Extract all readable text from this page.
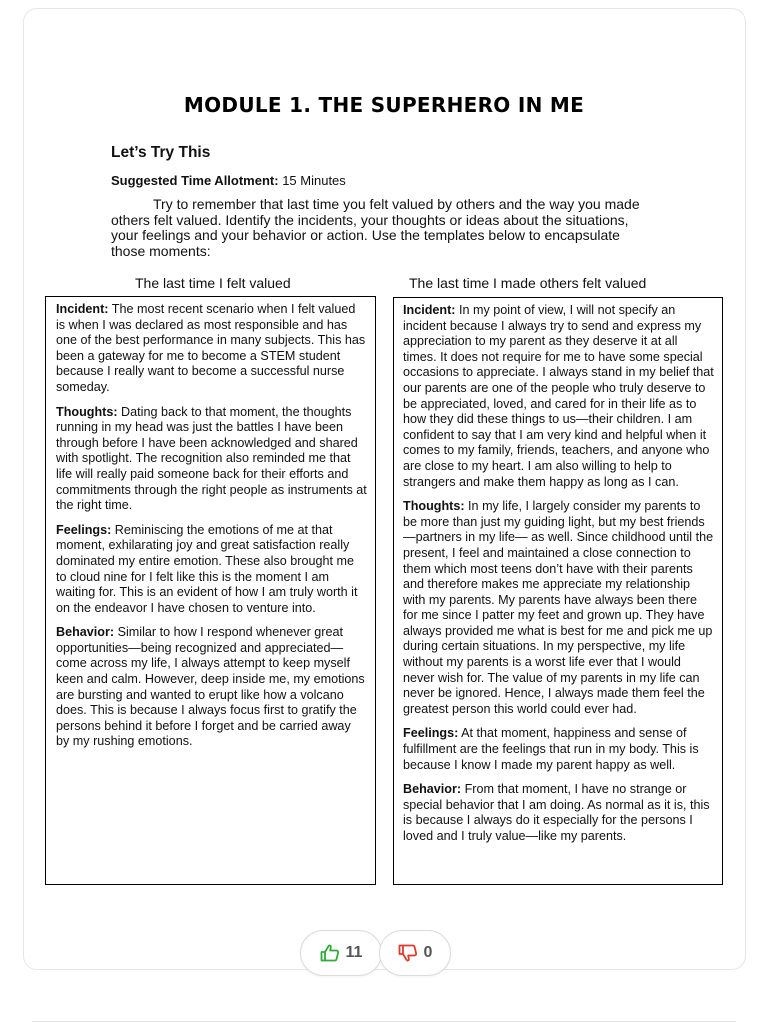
MODULE 1. THE SUPERHERO IN ME
Let’s Try This
Suggested Time Allotment: 15 Minutes
Try to remember that last time you felt valued by others and the way you made others felt valued. Identify the incidents, your thoughts or ideas about the situations, your feelings and your behavior or action. Use the templates below to encapsulate those moments:
The last time I felt valued	The last time I made others felt valued

Incident: The most recent scenario when I felt valued is when I was declared as most responsible and has one of the best performance in many subjects. This has been a gateway for me to become a STEM student because I really want to become a successful nurse someday.

Thoughts: Dating back to that moment, the thoughts running in my head was just the battles I have been through before I have been acknowledged and shared with spotlight. The recognition also reminded me that life will really paid someone back for their efforts and commitments through the right people as instruments at the right time.

Feelings: Reminiscing the emotions of me at that moment, exhilarating joy and great satisfaction really dominated my entire emotion. These also brought me to cloud nine for I felt like this is the moment I am waiting for. This is an evident of how I am truly worth it on the endeavor I have chosen to venture into.

Behavior: Similar to how I respond whenever great opportunities—being recognized and appreciated—come across my life, I always attempt to keep myself keen and calm. However, deep inside me, my emotions are bursting and wanted to erupt like how a volcano does. This is because I always focus first to gratify the persons behind it before I forget and be carried away by my rushing emotions.

Incident: In my point of view, I will not specify an incident because I always try to send and express my appreciation to my parent as they deserve it at all times. It does not require for me to have some special occasions to appreciate. I always stand in my belief that our parents are one of the people who truly deserve to be appreciated, loved, and cared for in their life as to how they did these things to us—their children. I am confident to say that I am very kind and helpful when it comes to my family, friends, teachers, and anyone who are close to my heart. I am also willing to help to strangers and make them happy as long as I can.

Thoughts: In my life, I largely consider my parents to be more than just my guiding light, but my best friends—partners in my life— as well. Since childhood until the present, I feel and maintained a close connection to them which most teens don’t have with their parents and therefore makes me appreciate my relationship with my parents. My parents have always been there for me since I patter my feet and grown up. They have always provided me what is best for me and pick me up during certain situations. In my perspective, my life without my parents is a worst life ever that I would never wish for. The value of my parents in my life can never be ignored. Hence, I always made them feel the greatest person this world could ever had.

Feelings: At that moment, happiness and sense of fulfillment are the feelings that run in my body. This is because I know I made my parent happy as well.

Behavior: From that moment, I have no strange or special behavior that I am doing. As normal as it is, this is because I always do it especially for the persons I loved and I truly value—like my parents.

11	0
